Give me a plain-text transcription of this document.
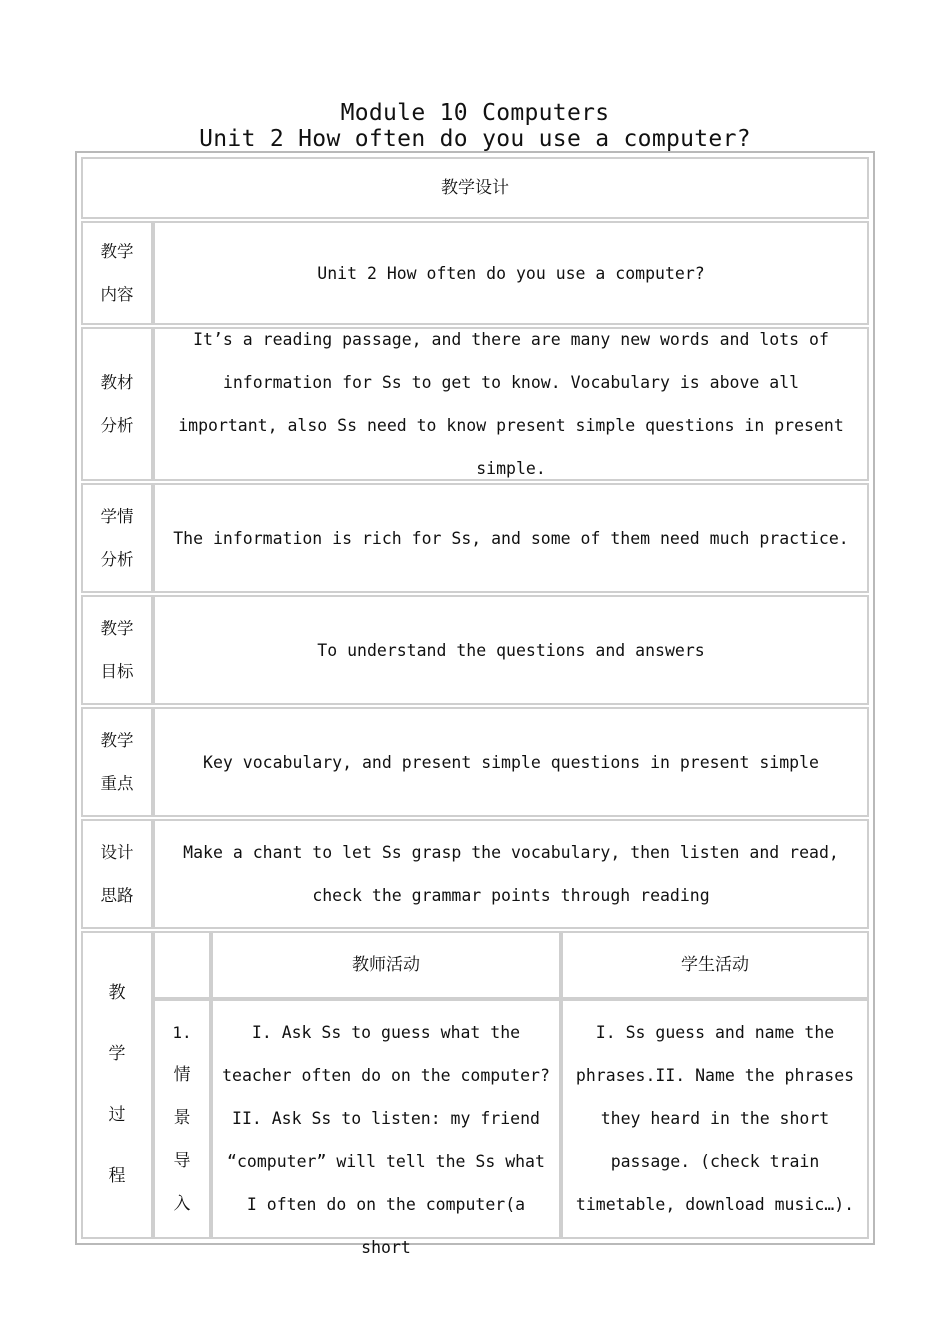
Module 10 Computers
Unit 2 How often do you use a computer?
教学设计
教学
内容
Unit 2 How often do you use a computer?
教材
分析
It’s a reading passage, and there are many new words and lots of information for Ss to get to know. Vocabulary is above all important, also Ss need to know present simple questions in present simple.
学情
分析
The information is rich for Ss, and some of them need much practice.
教学
目标
To understand the questions and answers
教学
重点
Key vocabulary, and present simple questions in present simple
设计
思路
Make a chant to let Ss grasp the vocabulary, then listen and read, check the grammar points through reading
教
学
过
程
教师活动	学生活动
1.
情
景
导
入
I. Ask Ss to guess what the teacher often do on the computer? II. Ask Ss to listen: my friend “computer” will tell the Ss what I often do on the computer(a short
I. Ss guess and name the phrases.II. Name the phrases they heard in the short passage. (check train timetable, download music…).
